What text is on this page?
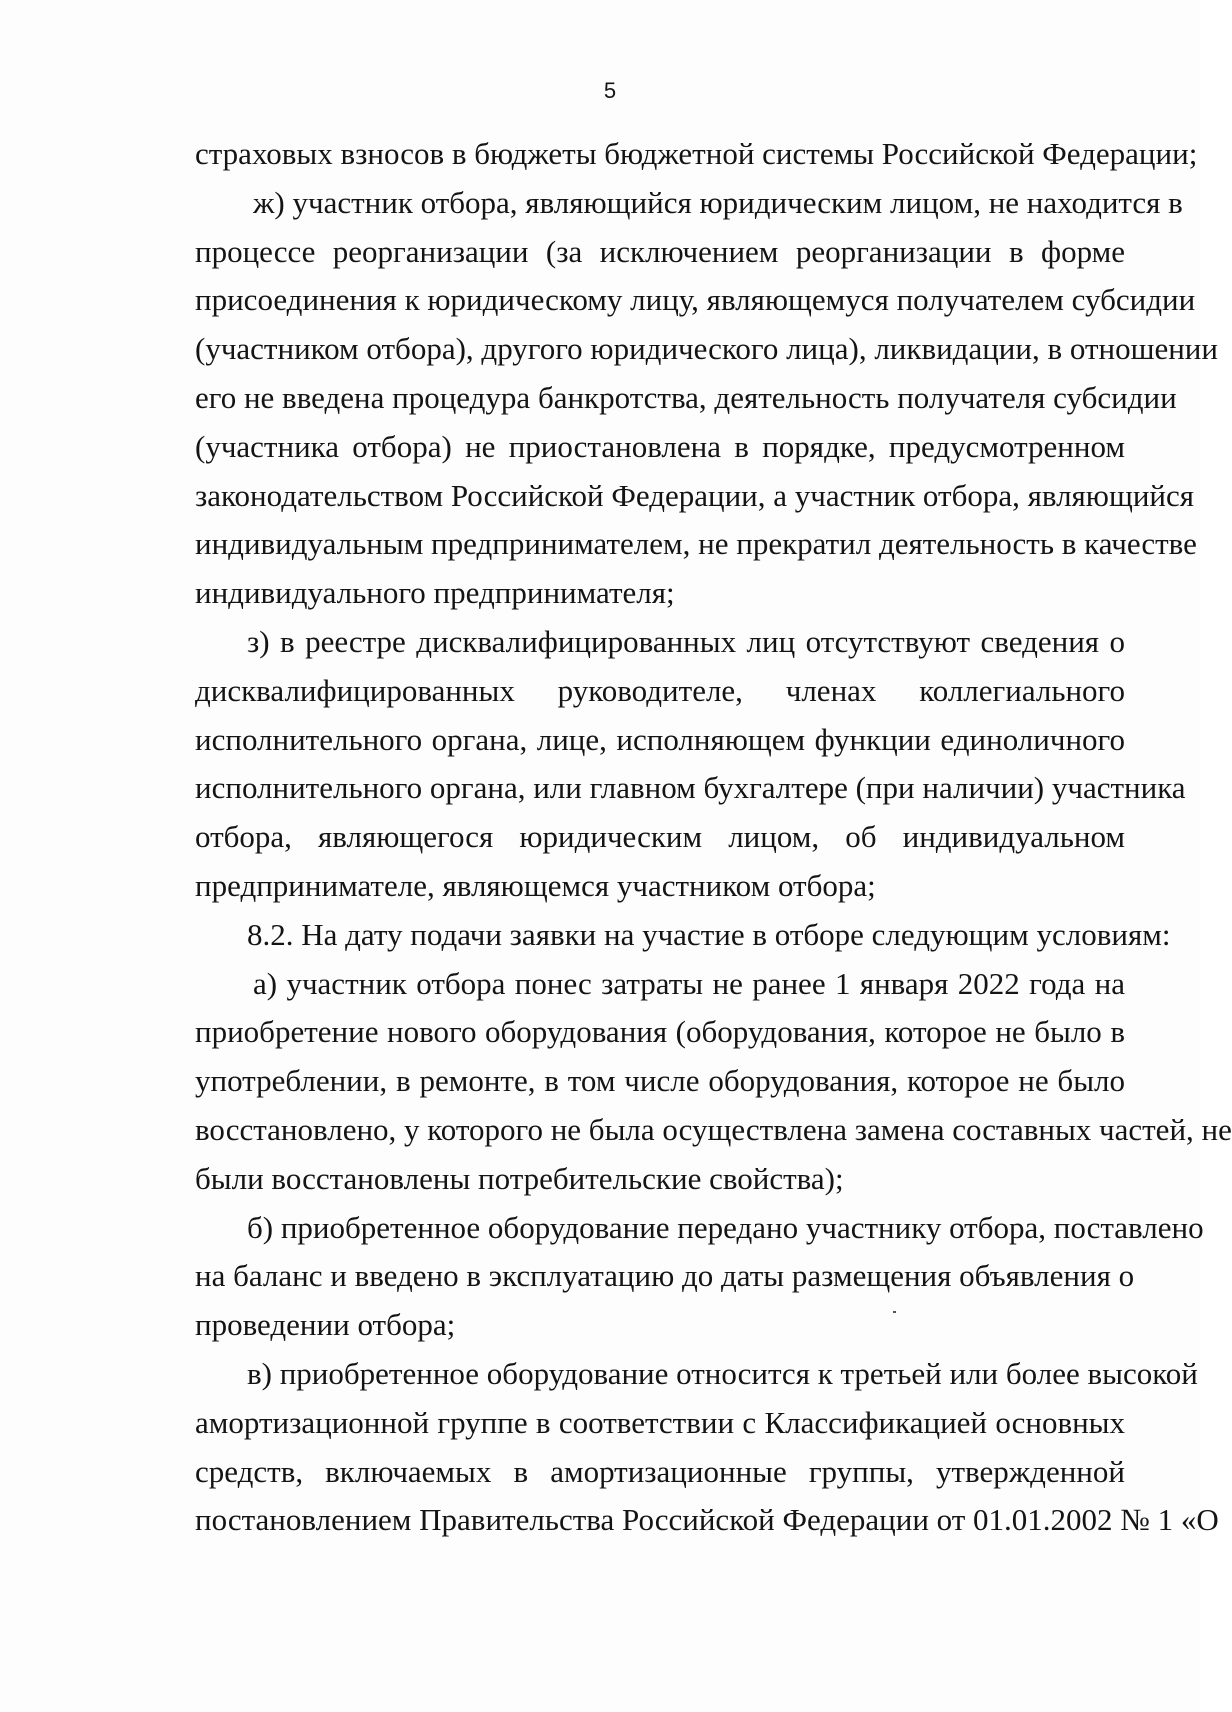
5
страховых взносов в бюджеты бюджетной системы Российской Федерации;
ж) участник отбора, являющийся юридическим лицом, не находится в
процессе реорганизации (за исключением реорганизации в форме
присоединения к юридическому лицу, являющемуся получателем субсидии
(участником отбора), другого юридического лица), ликвидации, в отношении
его не введена процедура банкротства, деятельность получателя субсидии
(участника отбора) не приостановлена в порядке, предусмотренном
законодательством Российской Федерации, а участник отбора, являющийся
индивидуальным предпринимателем, не прекратил деятельность в качестве
индивидуального предпринимателя;
з) в реестре дисквалифицированных лиц отсутствуют сведения о
дисквалифицированных руководителе, членах коллегиального
исполнительного органа, лице, исполняющем функции единоличного
исполнительного органа, или главном бухгалтере (при наличии) участника
отбора, являющегося юридическим лицом, об индивидуальном
предпринимателе, являющемся участником отбора;
8.2. На дату подачи заявки на участие в отборе следующим условиям:
а) участник отбора понес затраты не ранее 1 января 2022 года на
приобретение нового оборудования (оборудования, которое не было в
употреблении, в ремонте, в том числе оборудования, которое не было
восстановлено, у которого не была осуществлена замена составных частей, не
были восстановлены потребительские свойства);
б) приобретенное оборудование передано участнику отбора, поставлено
на баланс и введено в эксплуатацию до даты размещения объявления о
проведении отбора;
в) приобретенное оборудование относится к третьей или более высокой
амортизационной группе в соответствии с Классификацией основных
средств, включаемых в амортизационные группы, утвержденной
постановлением Правительства Российской Федерации от 01.01.2002 № 1 «О
